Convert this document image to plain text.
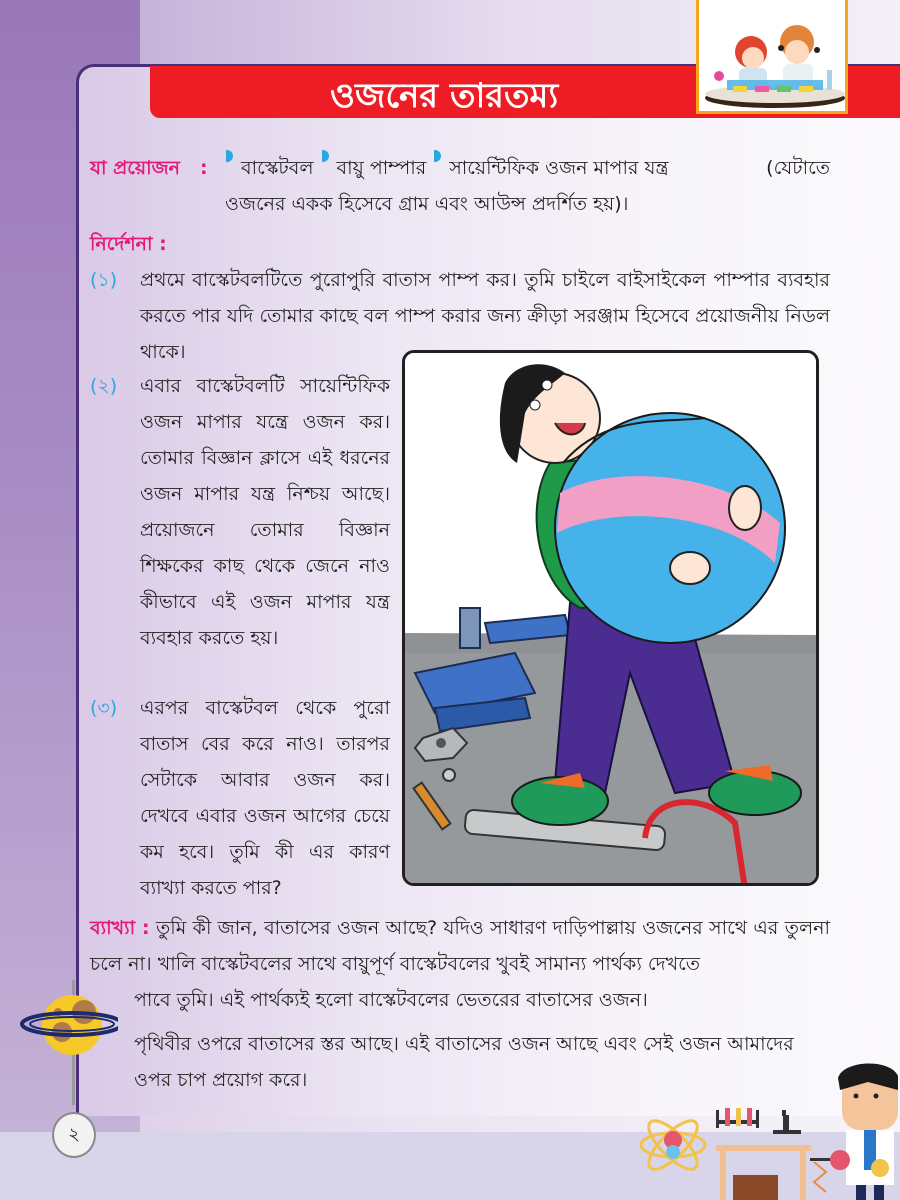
ওজনের তারতম্য
যা প্রয়োজন	:	বাস্কেটবল বায়ু পাম্পার সায়েন্টিফিক ওজন মাপার যন্ত্র	(যেটাতে
ওজনের একক হিসেবে গ্রাম এবং আউন্স প্রদর্শিত হয়)।
নির্দেশনা :
(১)	প্রথমে বাস্কেটবলটিতে পুরোপুরি বাতাস পাম্প কর। তুমি চাইলে বাইসাইকেল পাম্পার ব্যবহার করতে পার যদি তোমার কাছে বল পাম্প করার জন্য ক্রীড়া সরঞ্জাম হিসেবে প্রয়োজনীয় নিডল থাকে।
(২)	এবার বাস্কেটবলটি সায়েন্টিফিক ওজন মাপার যন্ত্রে ওজন কর। তোমার বিজ্ঞান ক্লাসে এই ধরনের ওজন মাপার যন্ত্র নিশ্চয় আছে। প্রয়োজনে তোমার বিজ্ঞান শিক্ষকের কাছ থেকে জেনে নাও কীভাবে এই ওজন মাপার যন্ত্র ব্যবহার করতে হয়।
(৩)	এরপর বাস্কেটবল থেকে পুরো বাতাস বের করে নাও। তারপর সেটাকে আবার ওজন কর। দেখবে এবার ওজন আগের চেয়ে কম হবে। তুমি কী এর কারণ ব্যাখ্যা করতে পার?
ব্যাখ্যা : তুমি কী জান, বাতাসের ওজন আছে? যদিও সাধারণ দাড়িপাল্লায় ওজনের সাথে এর তুলনা চলে না। খালি বাস্কেটবলের সাথে বায়ুপূর্ণ বাস্কেটবলের খুবই সামান্য পার্থক্য দেখতে
পাবে তুমি। এই পার্থক্যই হলো বাস্কেটবলের ভেতরের বাতাসের ওজন।
পৃথিবীর ওপরে বাতাসের স্তর আছে। এই বাতাসের ওজন আছে এবং সেই ওজন আমাদের ওপর চাপ প্রয়োগ করে।
২
